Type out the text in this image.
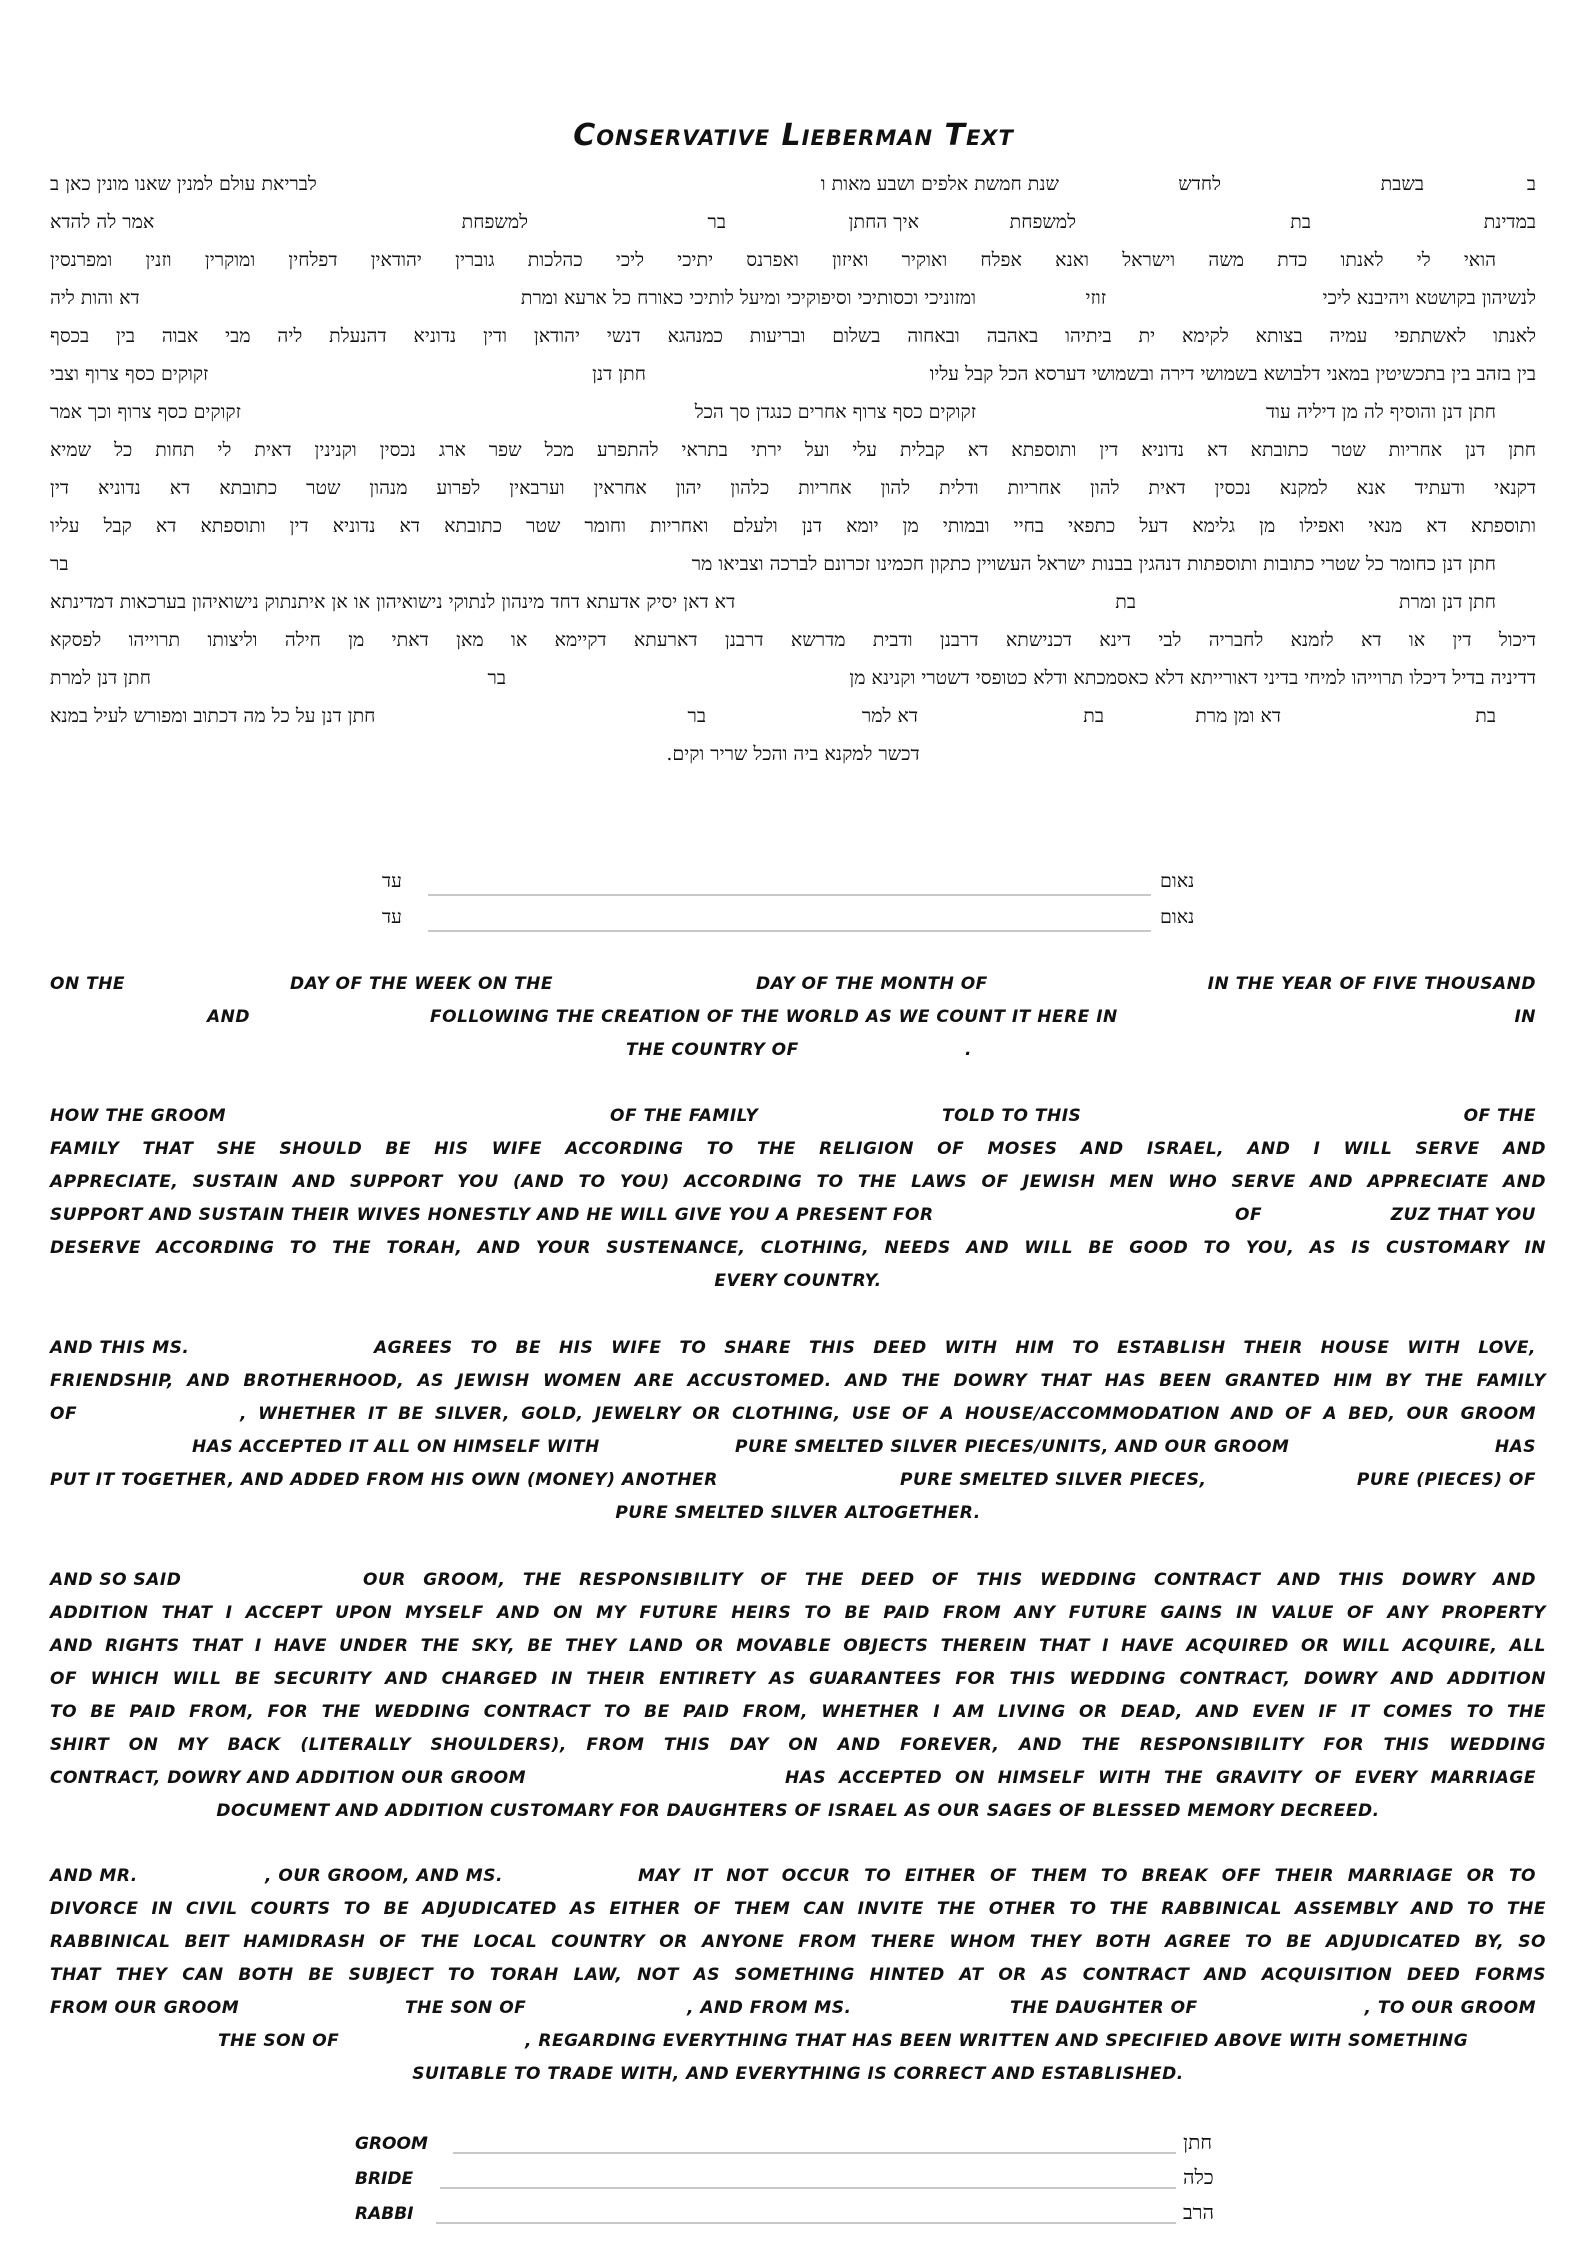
Conservative Lieberman Text
ב
בשבת
לחדש
שנת חמשת אלפים ושבע מאות ו
לבריאת עולם למנין שאנו מונין כאן ב
במדינת
בת
למשפחת
איך החתן
בר
למשפחת
אמר לה להדא
הואי לי לאנתו כדת משה וישראל ואנא אפלח ואוקיר ואיזון ואפרנס יתיכי ליכי כהלכות גוברין יהודאין דפלחין ומוקרין וזנין ומפרנסין
לנשיהון בקושטא ויהיבנא ליכי
זוזי
ומזוניכי וכסותיכי וסיפוקיכי ומיעל לותיכי כאורח כל ארעא ומרת
דא והות ליה
לאנתו לאשתתפי עמיה בצותא לקימא ית ביתיהו באהבה ובאחוה בשלום ובריעות כמנהגא דנשי יהודאן ודין נדוניא דהנעלת ליה מבי אבוה בין בכסף
בין בזהב בין בתכשיטין במאני דלבושא בשמושי דירה ובשמושי דערסא הכל קבל עליו
חתן דנן
זקוקים כסף צרוף וצבי
חתן דנן והוסיף לה מן דיליה עוד
זקוקים כסף צרוף אחרים כנגדן סך הכל
זקוקים כסף צרוף וכך אמר
חתן דנן אחריות שטר כתובתא דא נדוניא דין ותוספתא דא קבלית עלי ועל ירתי בתראי להתפרע מכל שפר ארג נכסין וקנינין דאית לי תחות כל שמיא
דקנאי ודעתיד אנא למקנא נכסין דאית להון אחריות ודלית להון אחריות כלהון יהון אחראין וערבאין לפרוע מנהון שטר כתובתא דא נדוניא דין
ותוספתא דא מנאי ואפילו מן גלימא דעל כתפאי בחיי ובמותי מן יומא דנן ולעלם ואחריות וחומר שטר כתובתא דא נדוניא דין ותוספתא דא קבל עליו
חתן דנן כחומר כל שטרי כתובות ותוספתות דנהגין בבנות ישראל העשויין כתקון חכמינו זכרונם לברכה וצביאו מר
בר
חתן דנן ומרת
בת
דא דאן יסיק אדעתא דחד מינהון לנתוקי נישואיהון או אן איתנתוק נישואיהון בערכאות דמדינתא
דיכול דין או דא לזמנא לחבריה לבי דינא דכנישתא דרבנן ודבית מדרשא דרבנן דארעתא דקיימא או מאן דאתי מן חילה וליצותו תרוייהו לפסקא
דדיניה בדיל דיכלו תרוייהו למיחי בדיני דאורייתא דלא כאסמכתא ודלא כטופסי דשטרי וקנינא מן
בר
חתן דנן למרת
בת
דא ומן מרת
בת
דא למר
בר
חתן דנן על כל מה דכתוב ומפורש לעיל במנא
דכשר למקנא ביה והכל שריר וקים.
נאום
עד
נאום
עד
ON THE	DAY OF THE WEEK ON THE	DAY OF THE MONTH OF	IN THE YEAR OF FIVE THOUSAND
AND	FOLLOWING THE CREATION OF THE WORLD AS WE COUNT IT HERE IN	IN
THE COUNTRY OF	.
HOW THE GROOM	OF THE FAMILY	TOLD TO THIS	OF THE
FAMILY THAT SHE SHOULD BE HIS WIFE ACCORDING TO THE RELIGION OF MOSES AND ISRAEL, AND I WILL SERVE AND
APPRECIATE, SUSTAIN AND SUPPORT YOU (AND TO YOU) ACCORDING TO THE LAWS OF JEWISH MEN WHO SERVE AND APPRECIATE AND
SUPPORT AND SUSTAIN THEIR WIVES HONESTLY AND HE WILL GIVE YOU A PRESENT FOR	OF	ZUZ THAT YOU
DESERVE ACCORDING TO THE TORAH, AND YOUR SUSTENANCE, CLOTHING, NEEDS AND WILL BE GOOD TO YOU, AS IS CUSTOMARY IN
EVERY COUNTRY.
AND THIS MS.	AGREES TO BE HIS WIFE TO SHARE THIS DEED WITH HIM TO ESTABLISH THEIR HOUSE WITH LOVE,
FRIENDSHIP, AND BROTHERHOOD, AS JEWISH WOMEN ARE ACCUSTOMED. AND THE DOWRY THAT HAS BEEN GRANTED HIM BY THE FAMILY
OF	, WHETHER IT BE SILVER, GOLD, JEWELRY OR CLOTHING, USE OF A HOUSE/ACCOMMODATION AND OF A BED, OUR GROOM
HAS ACCEPTED IT ALL ON HIMSELF WITH	PURE SMELTED SILVER PIECES/UNITS, AND OUR GROOM	HAS
PUT IT TOGETHER, AND ADDED FROM HIS OWN (MONEY) ANOTHER	PURE SMELTED SILVER PIECES,	PURE (PIECES) OF
PURE SMELTED SILVER ALTOGETHER.
AND SO SAID	OUR GROOM, THE RESPONSIBILITY OF THE DEED OF THIS WEDDING CONTRACT AND THIS DOWRY AND
ADDITION THAT I ACCEPT UPON MYSELF AND ON MY FUTURE HEIRS TO BE PAID FROM ANY FUTURE GAINS IN VALUE OF ANY PROPERTY
AND RIGHTS THAT I HAVE UNDER THE SKY, BE THEY LAND OR MOVABLE OBJECTS THEREIN THAT I HAVE ACQUIRED OR WILL ACQUIRE, ALL
OF WHICH WILL BE SECURITY AND CHARGED IN THEIR ENTIRETY AS GUARANTEES FOR THIS WEDDING CONTRACT, DOWRY AND ADDITION
TO BE PAID FROM, FOR THE WEDDING CONTRACT TO BE PAID FROM, WHETHER I AM LIVING OR DEAD, AND EVEN IF IT COMES TO THE
SHIRT ON MY BACK (LITERALLY SHOULDERS), FROM THIS DAY ON AND FOREVER, AND THE RESPONSIBILITY FOR THIS WEDDING
CONTRACT, DOWRY AND ADDITION OUR GROOM	HAS ACCEPTED ON HIMSELF WITH THE GRAVITY OF EVERY MARRIAGE
DOCUMENT AND ADDITION CUSTOMARY FOR DAUGHTERS OF ISRAEL AS OUR SAGES OF BLESSED MEMORY DECREED.
AND MR.	, OUR GROOM, AND MS.	MAY IT NOT OCCUR TO EITHER OF THEM TO BREAK OFF THEIR MARRIAGE OR TO
DIVORCE IN CIVIL COURTS TO BE ADJUDICATED AS EITHER OF THEM CAN INVITE THE OTHER TO THE RABBINICAL ASSEMBLY AND TO THE
RABBINICAL BEIT HAMIDRASH OF THE LOCAL COUNTRY OR ANYONE FROM THERE WHOM THEY BOTH AGREE TO BE ADJUDICATED BY, SO
THAT THEY CAN BOTH BE SUBJECT TO TORAH LAW, NOT AS SOMETHING HINTED AT OR AS CONTRACT AND ACQUISITION DEED FORMS
FROM OUR GROOM	THE SON OF	, AND FROM MS.	THE DAUGHTER OF	, TO OUR GROOM
THE SON OF	, REGARDING EVERYTHING THAT HAS BEEN WRITTEN AND SPECIFIED ABOVE WITH SOMETHING
SUITABLE TO TRADE WITH, AND EVERYTHING IS CORRECT AND ESTABLISHED.
GROOM	חתן
BRIDE	כלה
RABBI	הרב
